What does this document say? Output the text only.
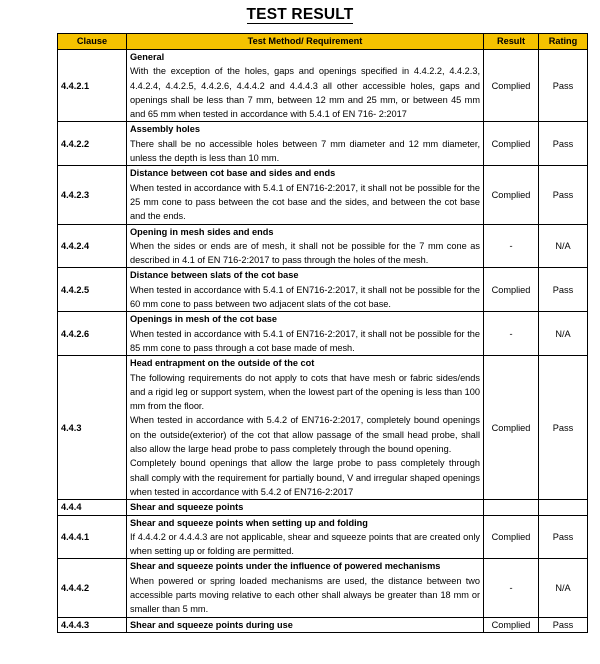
TEST RESULT
Clause	Test Method/ Requirement	Result	Rating
4.4.2.1	General
With the exception of the holes, gaps and openings specified in 4.4.2.2, 4.4.2.3, 4.4.2.4, 4.4.2.5, 4.4.2.6, 4.4.4.2 and 4.4.4.3 all other accessible holes, gaps and openings shall be less than 7 mm, between 12 mm and 25 mm, or between 45 mm and 65 mm when tested in accordance with 5.4.1 of EN 716- 2:2017	Complied	Pass
4.4.2.2	Assembly holes
There shall be no accessible holes between 7 mm diameter and 12 mm diameter, unless the depth is less than 10 mm.	Complied	Pass
4.4.2.3	Distance between cot base and sides and ends
When tested in accordance with 5.4.1 of EN716-2:2017, it shall not be possible for the 25 mm cone to pass between the cot base and the sides, and between the cot base and the ends.	Complied	Pass
4.4.2.4	Opening in mesh sides and ends
When the sides or ends are of mesh, it shall not be possible for the 7 mm cone as described in 4.1 of EN 716-2:2017 to pass through the holes of the mesh.	-	N/A
4.4.2.5	Distance between slats of the cot base
When tested in accordance with 5.4.1 of EN716-2:2017, it shall not be possible for the 60 mm cone to pass between two adjacent slats of the cot base.	Complied	Pass
4.4.2.6	Openings in mesh of the cot base
When tested in accordance with 5.4.1 of EN716-2:2017, it shall not be possible for the 85 mm cone to pass through a cot base made of mesh.	-	N/A
4.4.3	Head entrapment on the outside of the cot
The following requirements do not apply to cots that have mesh or fabric sides/ends and a rigid leg or support system, when the lowest part of the opening is less than 100 mm from the floor.
When tested in accordance with 5.4.2 of EN716-2:2017, completely bound openings on the outside(exterior) of the cot that allow passage of the small head probe, shall also allow the large head probe to pass completely through the bound opening.
Completely bound openings that allow the large probe to pass completely through shall comply with the requirement for partially bound, V and irregular shaped openings when tested in accordance with 5.4.2 of EN716-2:2017	Complied	Pass
4.4.4	Shear and squeeze points		

4.4.4.1	Shear and squeeze points when setting up and folding
If 4.4.4.2 or 4.4.4.3 are not applicable, shear and squeeze points that are created only when setting up or folding are permitted.	Complied	Pass
4.4.4.2	Shear and squeeze points under the influence of powered mechanisms
When powered or spring loaded mechanisms are used, the distance between two accessible parts moving relative to each other shall always be greater than 18 mm or smaller than 5 mm.	-	N/A
4.4.4.3	Shear and squeeze points during use	Complied	Pass
